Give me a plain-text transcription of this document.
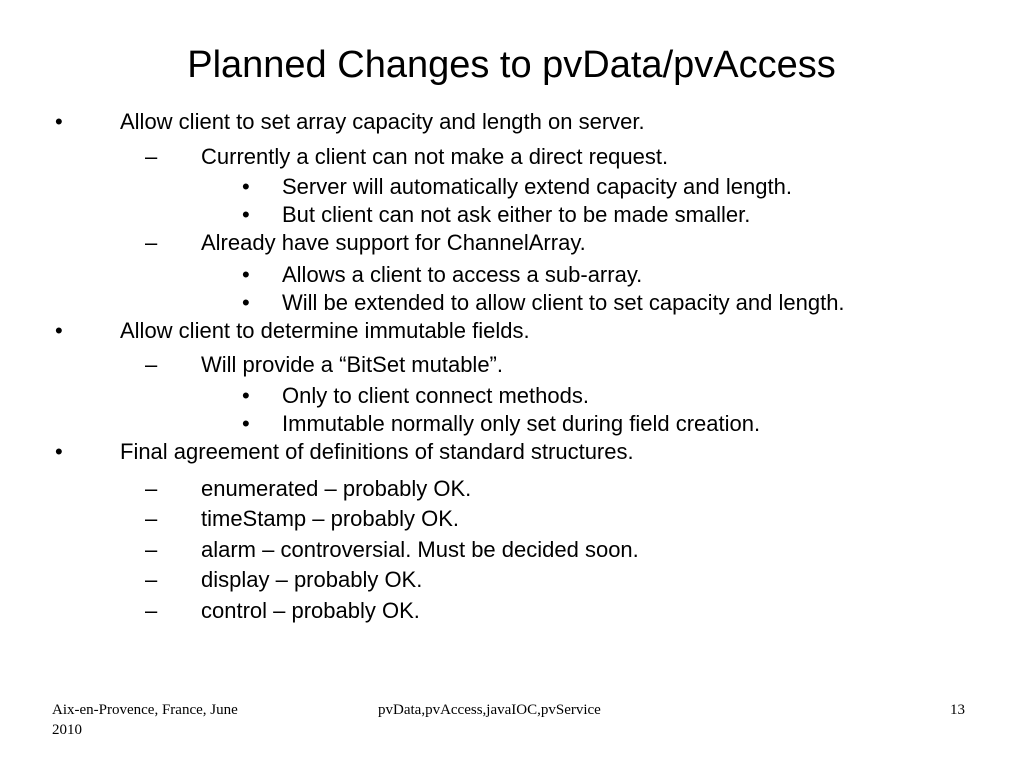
Planned Changes to pvData/pvAccess
•	Allow client to set array capacity and length on server.
– Currently a client can not make a direct request.
• Server will automatically extend capacity and length.
• But client can not ask either to be made smaller.
– Already have support for ChannelArray.
• Allows a client to access a sub-array.
• Will be extended to allow client to set capacity and length.
•	Allow client to determine immutable fields.
– Will provide a “BitSet mutable”.
• Only to client connect methods.
• Immutable normally only set during field creation.
•	Final agreement of definitions of standard structures.
– enumerated – probably OK.
– timeStamp – probably OK.
– alarm – controversial. Must be decided soon.
– display – probably OK.
– control – probably OK.
Aix-en-Provence, France, June
2010
pvData,pvAccess,javaIOC,pvService	13
